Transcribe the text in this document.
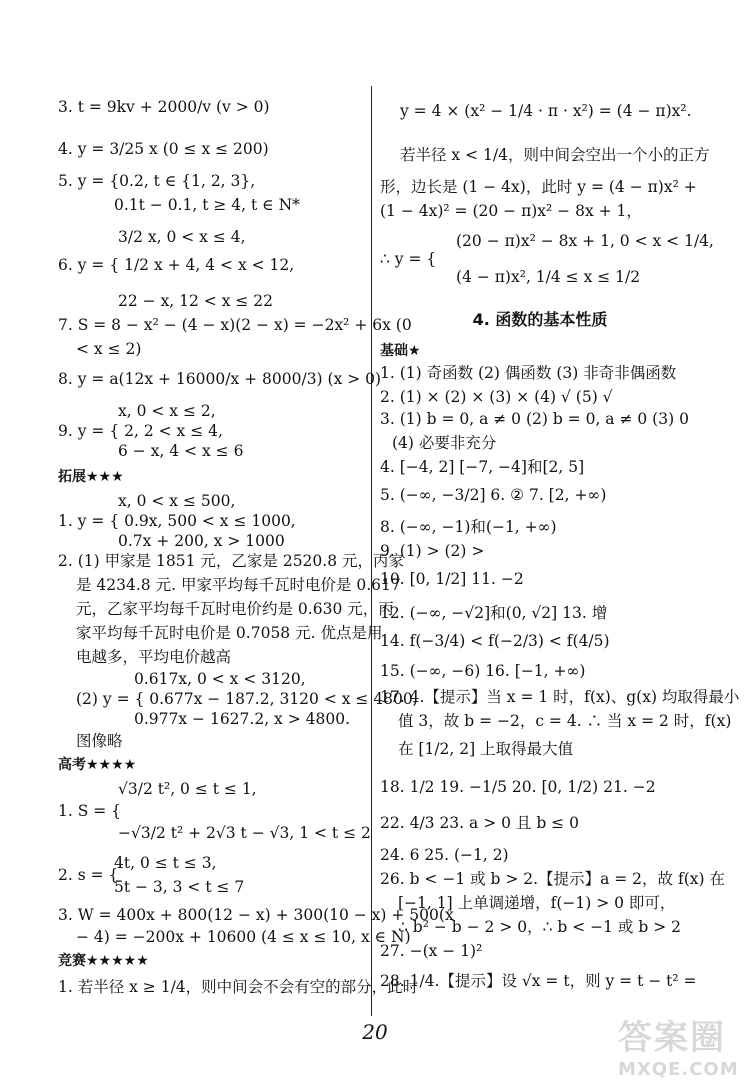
3. t = 9kv + 2000/v (v > 0)
4. y = 3/25 x (0 ≤ x ≤ 200)
5. y = {0.2, t ∈ {1, 2, 3},
0.1t − 0.1, t ≥ 4, t ∈ N*
3/2 x, 0 < x ≤ 4,
6. y = { 1/2 x + 4, 4 < x < 12,
22 − x, 12 < x ≤ 22
7. S = 8 − x² − (4 − x)(2 − x) = −2x² + 6x (0
< x ≤ 2)
8. y = a(12x + 16000/x + 8000/3) (x > 0)
x, 0 < x ≤ 2,
9. y = { 2, 2 < x ≤ 4,
6 − x, 4 < x ≤ 6
拓展★★★
x, 0 < x ≤ 500,
1. y = { 0.9x, 500 < x ≤ 1000,
0.7x + 200, x > 1000
2. (1) 甲家是 1851 元，乙家是 2520.8 元，丙家
是 4234.8 元. 甲家平均每千瓦时电价是 0.617
元，乙家平均每千瓦时电价约是 0.630 元，丙
家平均每千瓦时电价是 0.7058 元. 优点是用
电越多，平均电价越高
0.617x, 0 < x < 3120,
(2) y = { 0.677x − 187.2, 3120 < x ≤ 4800,
0.977x − 1627.2, x > 4800.
图像略
高考★★★★
√3/2 t², 0 ≤ t ≤ 1,
1. S = {
−√3/2 t² + 2√3 t − √3, 1 < t ≤ 2
4t, 0 ≤ t ≤ 3,
2. s = {
5t − 3, 3 < t ≤ 7
3. W = 400x + 800(12 − x) + 300(10 − x) + 500(x
− 4) = −200x + 10600 (4 ≤ x ≤ 10, x ∈ N)
竞赛★★★★★
1. 若半径 x ≥ 1/4，则中间会不会有空的部分，此时
y = 4 × (x² − 1/4 · π · x²) = (4 − π)x².
若半径 x < 1/4，则中间会空出一个小的正方
形，边长是 (1 − 4x)，此时 y = (4 − π)x² +
(1 − 4x)² = (20 − π)x² − 8x + 1，
(20 − π)x² − 8x + 1, 0 < x < 1/4,
∴ y = {
(4 − π)x², 1/4 ≤ x ≤ 1/2
4. 函数的基本性质
基础★
1. (1) 奇函数 (2) 偶函数 (3) 非奇非偶函数
2. (1) × (2) × (3) × (4) √ (5) √
3. (1) b = 0, a ≠ 0 (2) b = 0, a ≠ 0 (3) 0
(4) 必要非充分
4. [−4, 2] [−7, −4]和[2, 5]
5. (−∞, −3/2] 6. ② 7. [2, +∞)
8. (−∞, −1)和(−1, +∞)
9. (1) > (2) >
10. [0, 1/2] 11. −2
12. (−∞, −√2]和(0, √2] 13. 增
14. f(−3/4) < f(−2/3) < f(4/5)
15. (−∞, −6) 16. [−1, +∞)
17. 4.【提示】当 x = 1 时，f(x)、g(x) 均取得最小
值 3，故 b = −2，c = 4. ∴ 当 x = 2 时，f(x)
在 [1/2, 2] 上取得最大值
18. 1/2 19. −1/5 20. [0, 1/2) 21. −2
22. 4/3 23. a > 0 且 b ≤ 0
24. 6 25. (−1, 2)
26. b < −1 或 b > 2.【提示】a = 2，故 f(x) 在
[−1, 1] 上单调递增，f(−1) > 0 即可，
∴ b² − b − 2 > 0，∴ b < −1 或 b > 2
27. −(x − 1)²
28. 1/4.【提示】设 √x = t，则 y = t − t² =
20	答案圈
MXQE.COM
